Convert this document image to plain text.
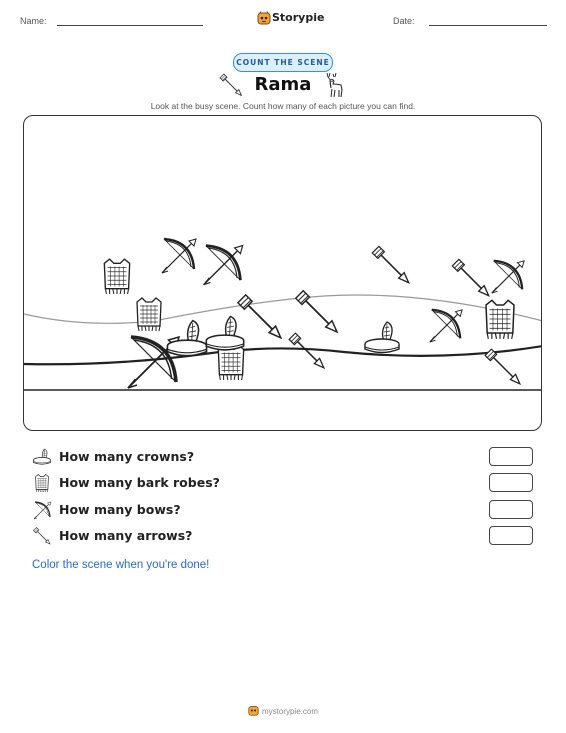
Name:	Storypie	Date:
COUNT THE SCENE
Rama
Look at the busy scene. Count how many of each picture you can find.
How many crowns?
How many bark robes?
How many bows?
How many arrows?
Color the scene when you're done!
mystorypie.com
